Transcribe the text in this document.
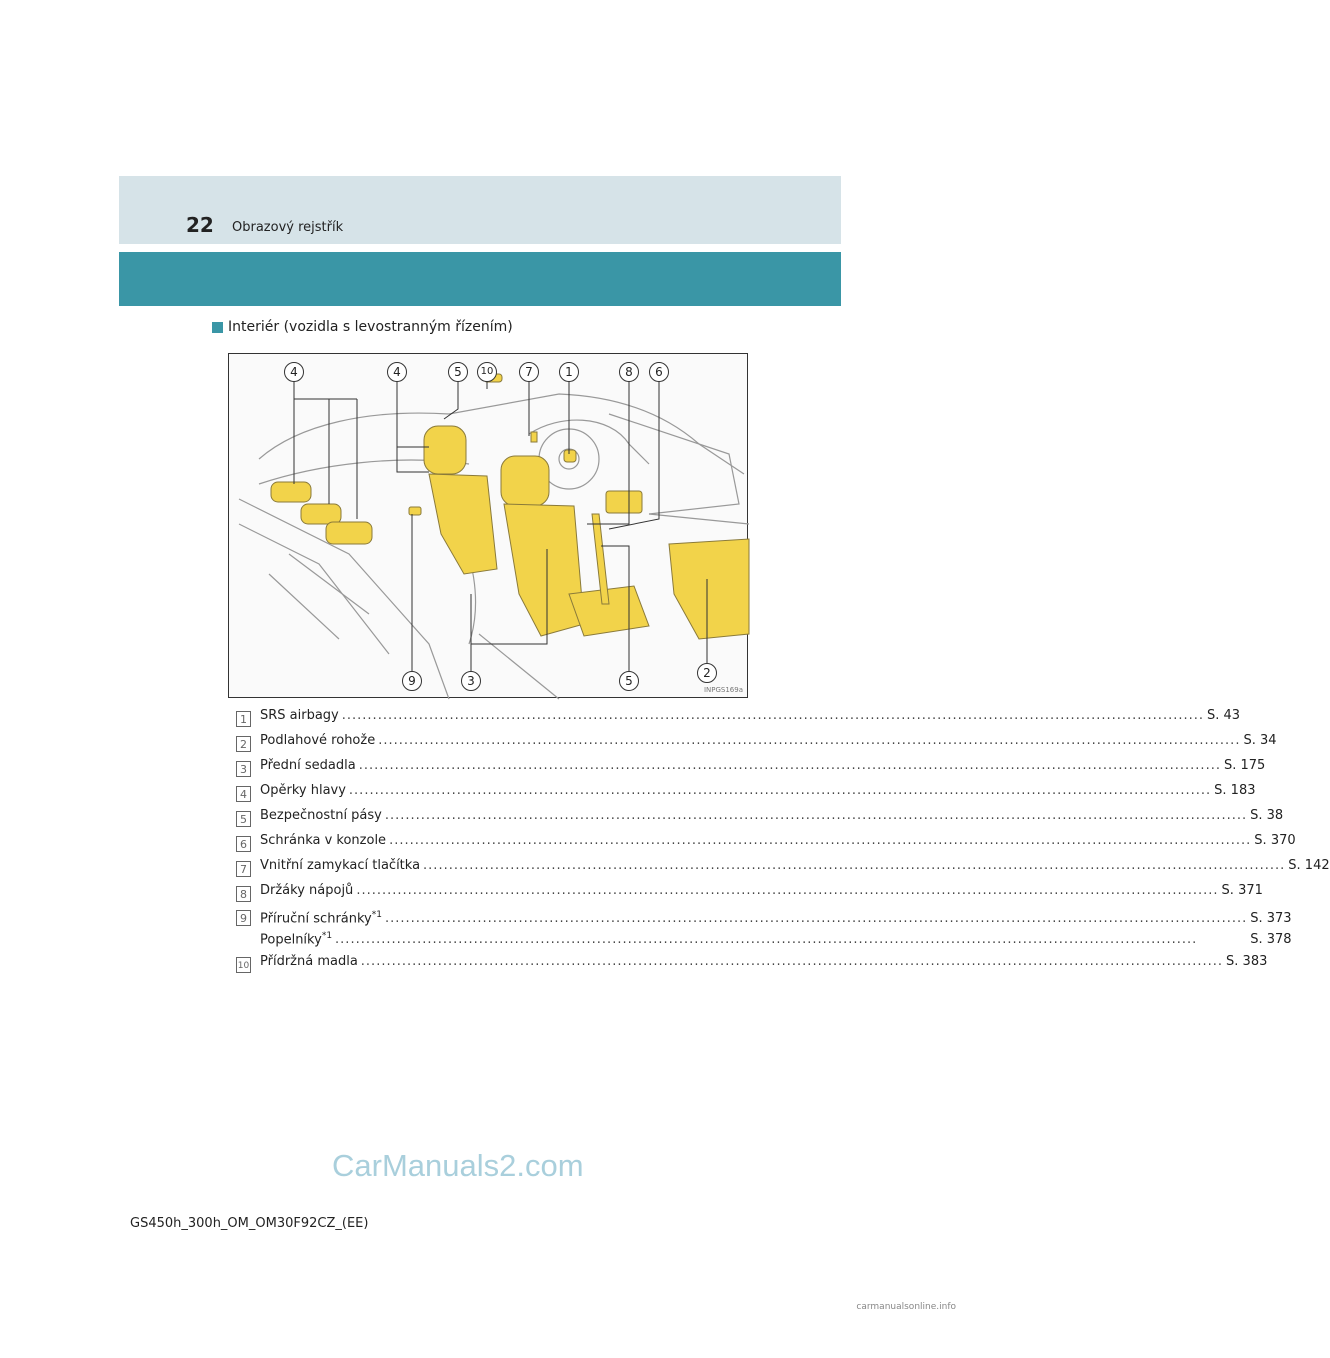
22 Obrazový rejstřík
Interiér (vozidla s levostranným řízením)
4	4	5	10	7	1	8	6
9	3	5
2
INPGS169a
1	SRS airbagy .....	S. 43
2	Podlahové rohože .....	S. 34
3	Přední sedadla .....	S. 175
4	Opěrky hlavy .....	S. 183
5	Bezpečnostní pásy .....	S. 38
6	Schránka v konzole .....	S. 370
7	Vnitřní zamykací tlačítka .....	S. 142
8	Držáky nápojů .....	S. 371
9	Příruční schránky$^{*1}$ .....	S. 373
Popelníky$^{*1}$ .....	S. 378
10 Přídržná madla .....	S. 383
CarManuals2.com
GS450h_300h_OM_OM30F92CZ_(EE)
carmanualsonline.info
